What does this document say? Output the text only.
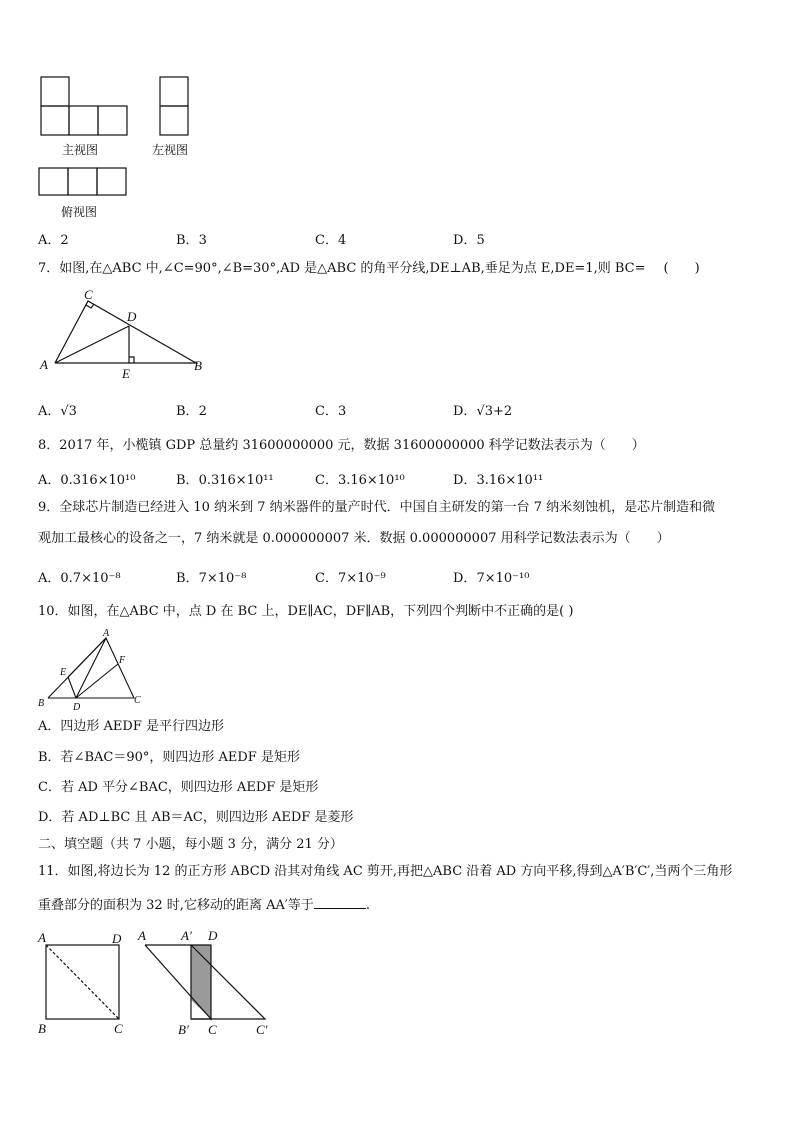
主视图	左视图
俯视图
A．2	B．3	C．4	D．5
7．如图,在△ABC 中,∠C=90°,∠B=30°,AD 是△ABC 的角平分线,DE⊥AB,垂足为点 E,DE=1,则 BC= (　　)
C
D
A
E
B
A．√3	B．2	C．3	D．√3+2
8．2017 年，小榄镇 GDP 总量约 31600000000 元，数据 31600000000 科学记数法表示为（　　）
A．0.316×10¹⁰	B．0.316×10¹¹	C．3.16×10¹⁰	D．3.16×10¹¹
9．全球芯片制造已经进入 10 纳米到 7 纳米器件的量产时代．中国自主研发的第一台 7 纳米刻蚀机，是芯片制造和微
观加工最核心的设备之一，7 纳米就是 0.000000007 米．数据 0.000000007 用科学记数法表示为（　　）
A．0.7×10⁻⁸	B．7×10⁻⁸	C．7×10⁻⁹	D．7×10⁻¹⁰
10．如图，在△ABC 中，点 D 在 BC 上，DE∥AC，DF∥AB，下列四个判断中不正确的是( )
A
E
F
B	D
C
A．四边形 AEDF 是平行四边形
B．若∠BAC＝90°，则四边形 AEDF 是矩形
C．若 AD 平分∠BAC，则四边形 AEDF 是矩形
D．若 AD⊥BC 且 AB＝AC，则四边形 AEDF 是菱形
二、填空题（共 7 小题，每小题 3 分，满分 21 分）
11．如图,将边长为 12 的正方形 ABCD 沿其对角线 AC 剪开,再把△ABC 沿着 AD 方向平移,得到△A′B′C′,当两个三角形
重叠部分的面积为 32 时,它移动的距离 AA′等于	.
A	D
B	C
A	A′ D
B′ C	C′
